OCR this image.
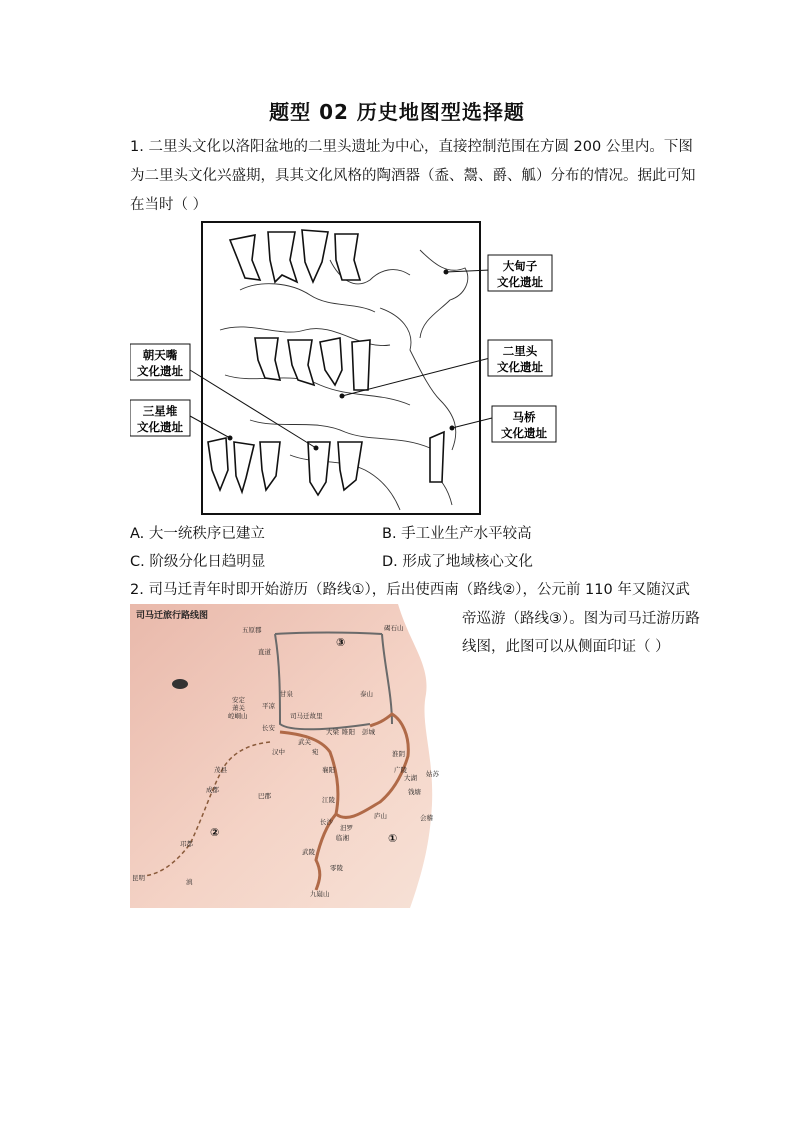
题型 02 历史地图型选择题

1. 二里头文化以洛阳盆地的二里头遗址为中心，直接控制范围在方圆 200 公里内。下图为二里头文化兴盛期，具其文化风格的陶酒器（盉、鬶、爵、觚）分布的情况。据此可知在当时（ ）

大甸子
文化遗址
二里头
文化遗址
马桥
文化遗址
朝天嘴
文化遗址
三星堆
文化遗址
A. 大一统秩序已建立	B. 手工业生产水平较高
C. 阶级分化日趋明显	D. 形成了地域核心文化
2. 司马迁青年时即开始游历（路线①），后出使西南（路线②），公元前 110 年又随汉武
帝巡游（路线③）。图为司马迁游历路线图，此图可以从侧面印证（ ）
司马迁旅行路线图
③
①
②
五原郡	碣石山
直道
甘泉
安定
萧关
崆峒山
平凉
司马迁故里
长安
泰山
大梁 睢阳 彭城
武关
宛
汉中
襄阳
淮阴
广陵
茂县
昆明
成都
巴郡	江陵
姑苏
会稽
钱塘
长沙
汨罗
庐山
九嶷山
大湖
零陵
武陵
临湘
邛都
滇
